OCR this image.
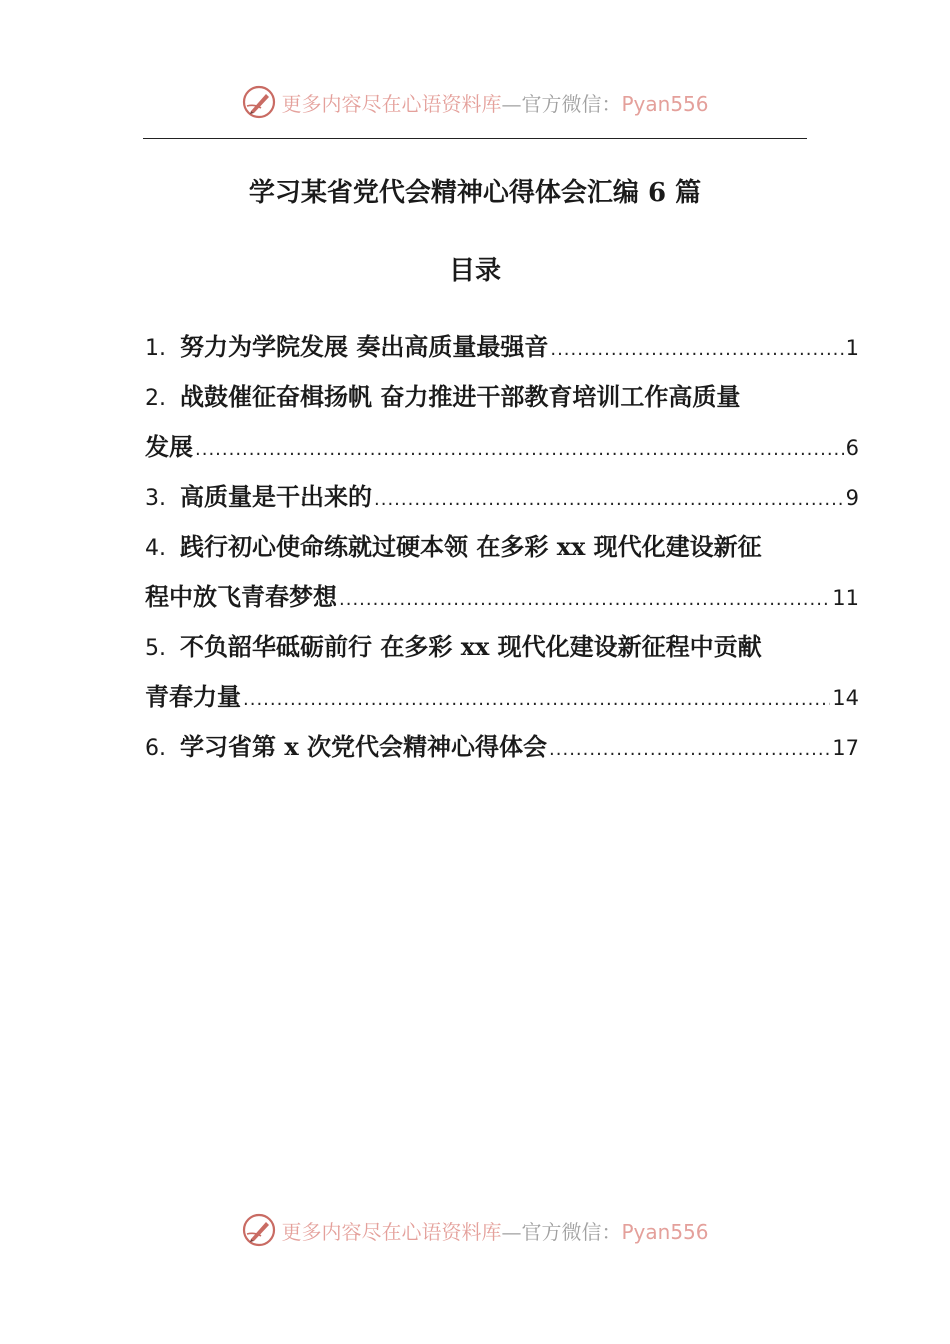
更多内容尽在心语资料库—官方微信：Pyan556
学习某省党代会精神心得体会汇编 6 篇
目录
1. 努力为学院发展 奏出高质量最强音 .....	1
2. 战鼓催征奋楫扬帆 奋力推进干部教育培训工作高质量
发展 .....	6
3. 高质量是干出来的 .....	9
4. 践行初心使命练就过硬本领 在多彩 xx 现代化建设新征
程中放飞青春梦想 .....	11
5. 不负韶华砥砺前行 在多彩 xx 现代化建设新征程中贡献
青春力量 .....	14
6. 学习省第 x 次党代会精神心得体会 .....	17
更多内容尽在心语资料库—官方微信：Pyan556
